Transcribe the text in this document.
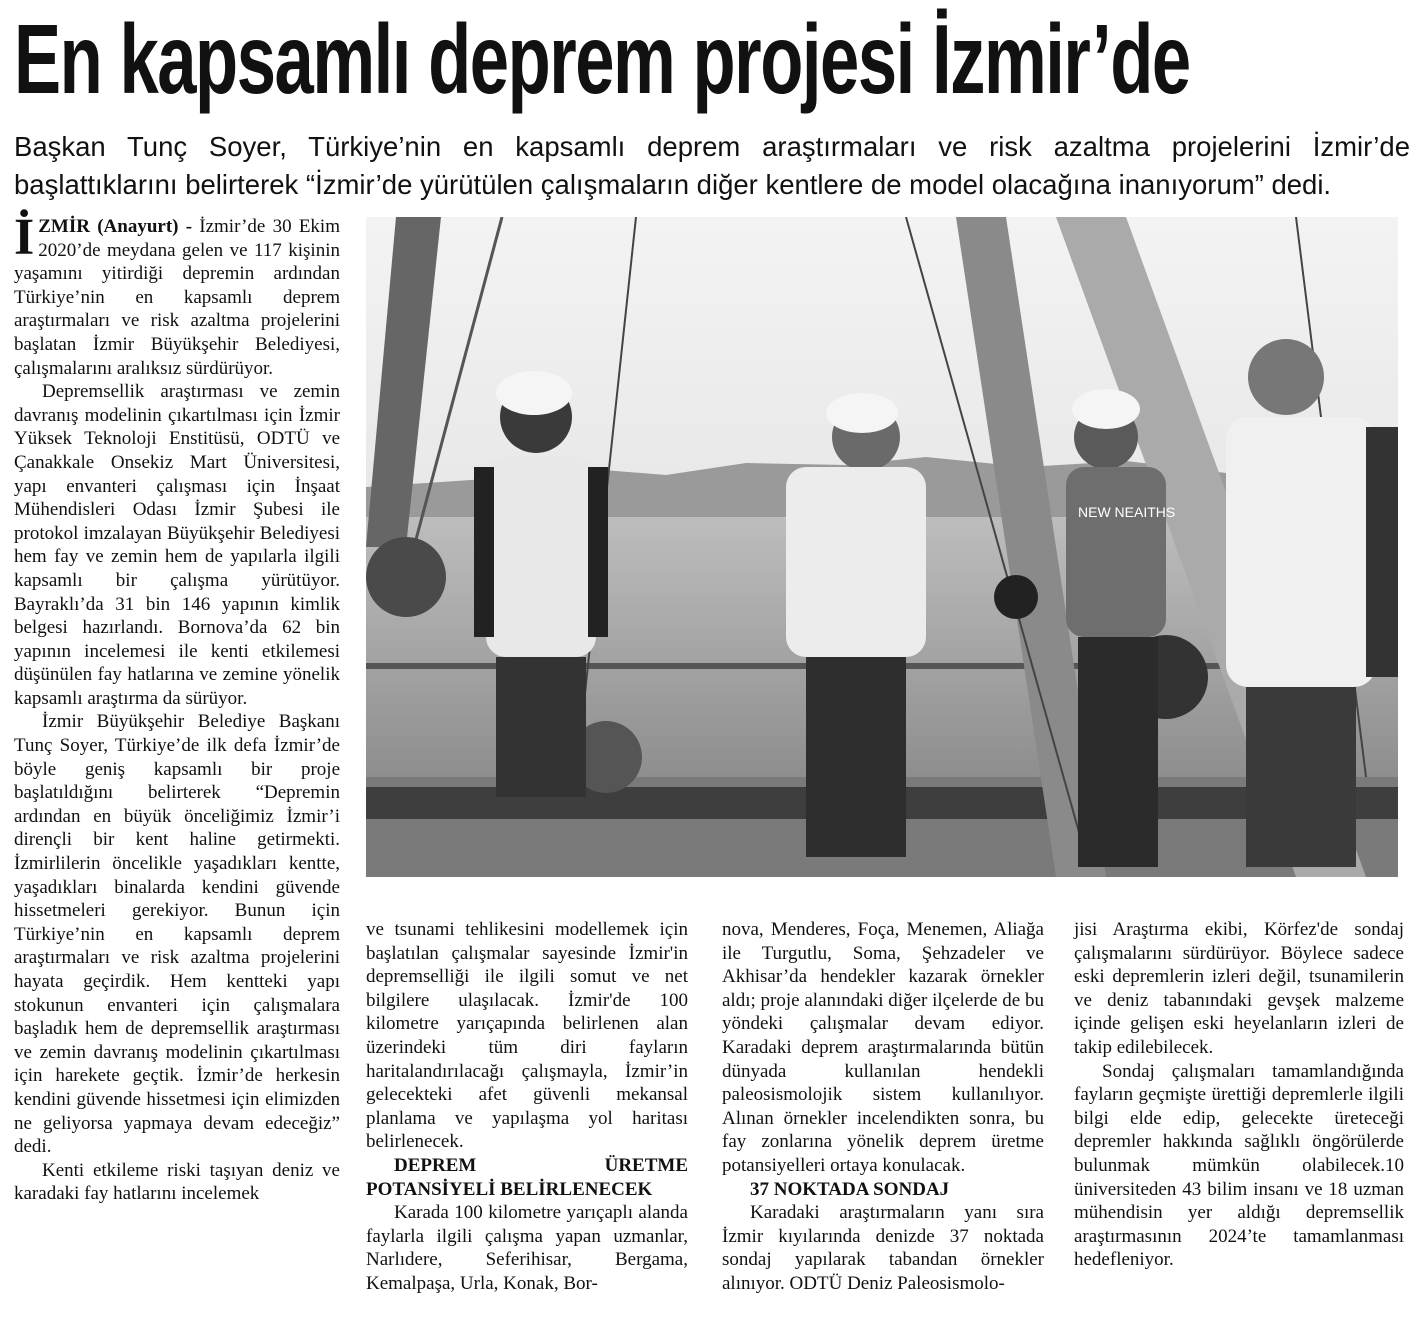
En kapsamlı deprem projesi İzmir’de
Başkan Tunç Soyer, Türkiye’nin en kapsamlı deprem araştırmaları ve risk azaltma projelerini İzmir’de başlattıklarını belirterek “İzmir’de yürütülen çalışmaların diğer kentlere de model olacağına inanıyorum” dedi.

İZMİR (Anayurt) - İzmir’de 30 Ekim 2020’de meydana gelen ve 117 kişinin yaşamını yitirdiği depremin ardından Türkiye’nin en kapsamlı deprem araştırmaları ve risk azaltma projelerini başlatan İzmir Büyükşehir Belediyesi, çalışmalarını aralıksız sürdürüyor.

Depremsellik araştırması ve zemin davranış modelinin çıkartılması için İzmir Yüksek Teknoloji Enstitüsü, ODTÜ ve Çanakkale Onsekiz Mart Üniversitesi, yapı envanteri çalışması için İnşaat Mühendisleri Odası İzmir Şubesi ile protokol imzalayan Büyükşehir Belediyesi hem fay ve zemin hem de yapılarla ilgili kapsamlı bir çalışma yürütüyor. Bayraklı’da 31 bin 146 yapının kimlik belgesi hazırlandı. Bornova’da 62 bin yapının incelemesi ile kenti etkilemesi düşünülen fay hatlarına ve zemine yönelik kapsamlı araştırma da sürüyor.

İzmir Büyükşehir Belediye Başkanı Tunç Soyer, Türkiye’de ilk defa İzmir’de böyle geniş kapsamlı bir proje başlatıldığını belirterek “Depremin ardından en büyük önceliğimiz İzmir’i dirençli bir kent haline getirmekti. İzmirlilerin öncelikle yaşadıkları kentte, yaşadıkları binalarda kendini güvende hissetmeleri gerekiyor. Bunun için Türkiye’nin en kapsamlı deprem araştırmaları ve risk azaltma projelerini hayata geçirdik. Hem kentteki yapı stokunun envanteri için çalışmalara başladık hem de depremsellik araştırması ve zemin davranış modelinin çıkartılması için harekete geçtik. İzmir’de herkesin kendini güvende hissetmesi için elimizden ne geliyorsa yapmaya devam edeceğiz” dedi.

Kenti etkileme riski taşıyan deniz ve karadaki fay hatlarını incelemek

NEW NEAITHS

ve tsunami tehlikesini modellemek için başlatılan çalışmalar sayesinde İzmir'in depremselliği ile ilgili somut ve net bilgilere ulaşılacak. İzmir'de 100 kilometre yarıçapında belirlenen alan üzerindeki tüm diri fayların haritalandırılacağı çalışmayla, İzmir’in gelecekteki afet güvenli mekansal planlama ve yapılaşma yol haritası belirlenecek.

DEPREM ÜRETME POTANSİYELİ BELİRLENECEK

Karada 100 kilometre yarıçaplı alanda faylarla ilgili çalışma yapan uzmanlar, Narlıdere, Seferihisar, Bergama, Kemalpaşa, Urla, Konak, Bor-

nova, Menderes, Foça, Menemen, Aliağa ile Turgutlu, Soma, Şehzadeler ve Akhisar’da hendekler kazarak örnekler aldı; proje alanındaki diğer ilçelerde de bu yöndeki çalışmalar devam ediyor. Karadaki deprem araştırmalarında bütün dünyada kullanılan hendekli paleosismolojik sistem kullanılıyor. Alınan örnekler incelendikten sonra, bu fay zonlarına yönelik deprem üretme potansiyelleri ortaya konulacak.

37 NOKTADA SONDAJ

Karadaki araştırmaların yanı sıra İzmir kıyılarında denizde 37 noktada sondaj yapılarak tabandan örnekler alınıyor. ODTÜ Deniz Paleosismolo-

jisi Araştırma ekibi, Körfez'de sondaj çalışmalarını sürdürüyor. Böylece sadece eski depremlerin izleri değil, tsunamilerin ve deniz tabanındaki gevşek malzeme içinde gelişen eski heyelanların izleri de takip edilebilecek.

Sondaj çalışmaları tamamlandığında fayların geçmişte ürettiği depremlerle ilgili bilgi elde edip, gelecekte üreteceği depremler hakkında sağlıklı öngörülerde bulunmak mümkün olabilecek.10 üniversiteden 43 bilim insanı ve 18 uzman mühendisin yer aldığı depremsellik araştırmasının 2024’te tamamlanması hedefleniyor.
